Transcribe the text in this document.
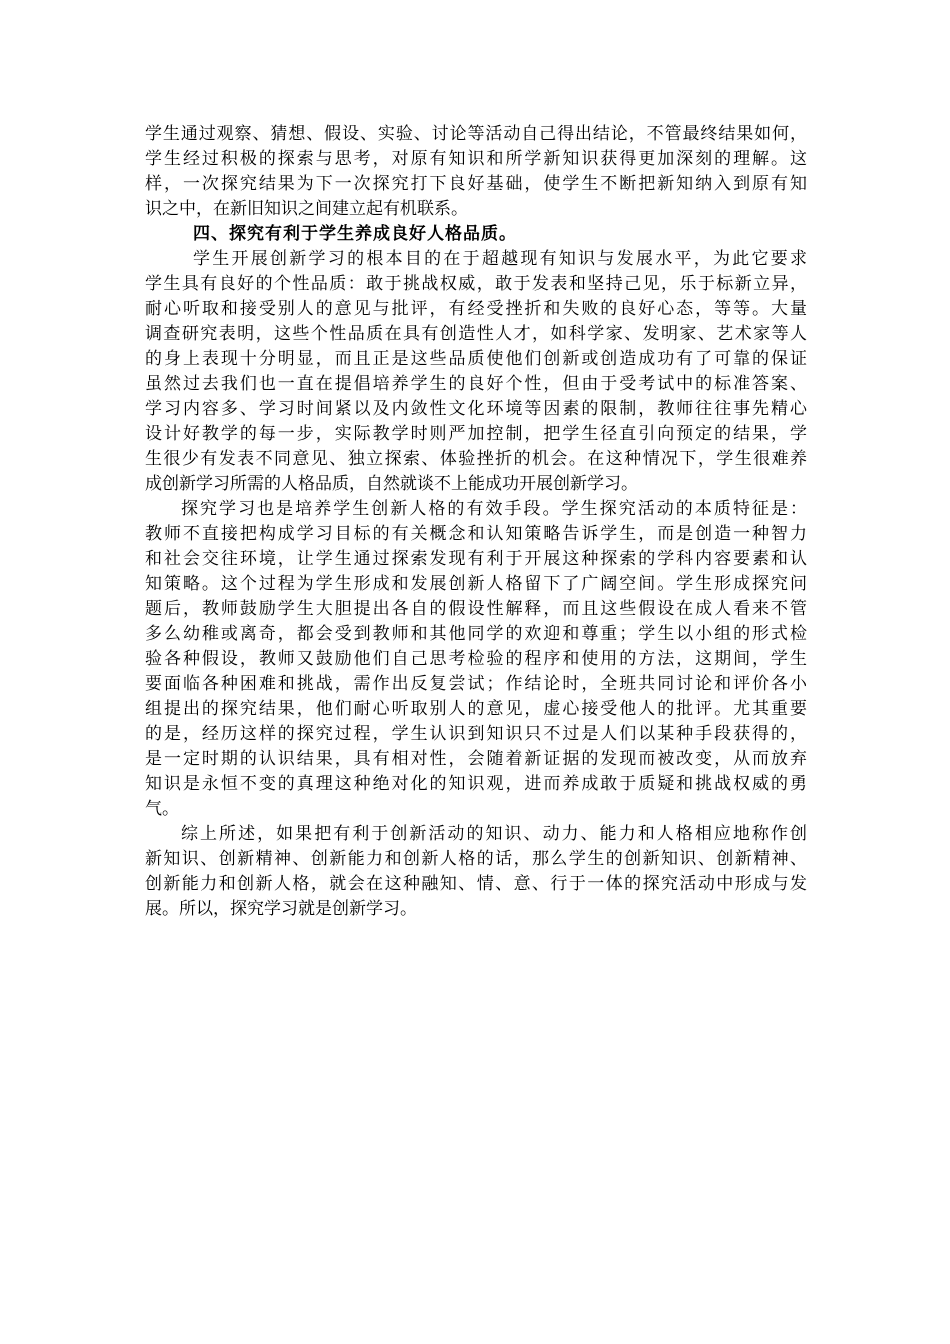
学生通过观察、猜想、假设、实验、讨论等活动自己得出结论，不管最终结果如何，
学生经过积极的探索与思考，对原有知识和所学新知识获得更加深刻的理解。这
样，一次探究结果为下一次探究打下良好基础，使学生不断把新知纳入到原有知
识之中，在新旧知识之间建立起有机联系。
四、探究有利于学生养成良好人格品质。
学生开展创新学习的根本目的在于超越现有知识与发展水平，为此它要求
学生具有良好的个性品质：敢于挑战权威，敢于发表和坚持己见，乐于标新立异，
耐心听取和接受别人的意见与批评，有经受挫折和失败的良好心态，等等。大量
调查研究表明，这些个性品质在具有创造性人才，如科学家、发明家、艺术家等人
的身上表现十分明显，而且正是这些品质使他们创新或创造成功有了可靠的保证
虽然过去我们也一直在提倡培养学生的良好个性，但由于受考试中的标准答案、
学习内容多、学习时间紧以及内敛性文化环境等因素的限制，教师往往事先精心
设计好教学的每一步，实际教学时则严加控制，把学生径直引向预定的结果，学
生很少有发表不同意见、独立探索、体验挫折的机会。在这种情况下，学生很难养
成创新学习所需的人格品质，自然就谈不上能成功开展创新学习。
探究学习也是培养学生创新人格的有效手段。学生探究活动的本质特征是：
教师不直接把构成学习目标的有关概念和认知策略告诉学生，而是创造一种智力
和社会交往环境，让学生通过探索发现有利于开展这种探索的学科内容要素和认
知策略。这个过程为学生形成和发展创新人格留下了广阔空间。学生形成探究问
题后，教师鼓励学生大胆提出各自的假设性解释，而且这些假设在成人看来不管
多么幼稚或离奇，都会受到教师和其他同学的欢迎和尊重；学生以小组的形式检
验各种假设，教师又鼓励他们自己思考检验的程序和使用的方法，这期间，学生
要面临各种困难和挑战，需作出反复尝试；作结论时，全班共同讨论和评价各小
组提出的探究结果，他们耐心听取别人的意见，虚心接受他人的批评。尤其重要
的是，经历这样的探究过程，学生认识到知识只不过是人们以某种手段获得的，
是一定时期的认识结果，具有相对性，会随着新证据的发现而被改变，从而放弃
知识是永恒不变的真理这种绝对化的知识观，进而养成敢于质疑和挑战权威的勇
气。
综上所述，如果把有利于创新活动的知识、动力、能力和人格相应地称作创
新知识、创新精神、创新能力和创新人格的话，那么学生的创新知识、创新精神、
创新能力和创新人格，就会在这种融知、情、意、行于一体的探究活动中形成与发
展。所以，探究学习就是创新学习。
